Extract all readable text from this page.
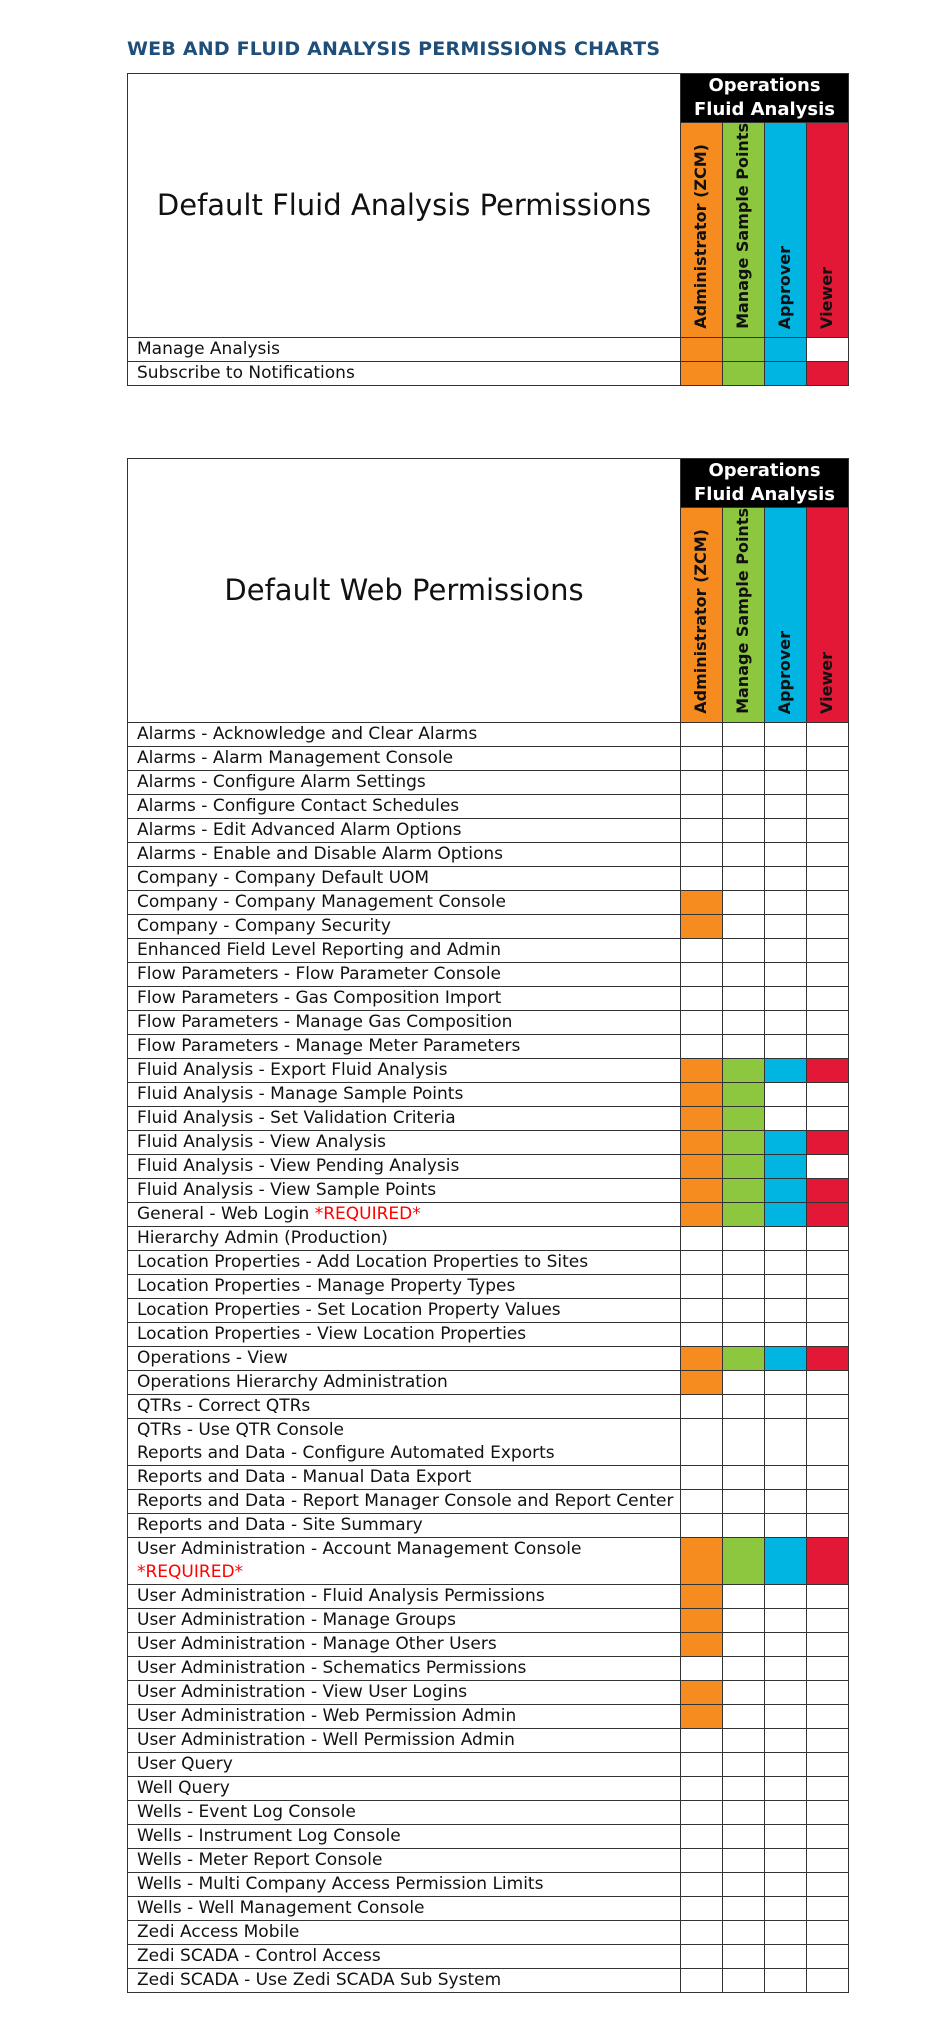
WEB AND FLUID ANALYSIS PERMISSIONS CHARTS
Default Fluid Analysis Permissions	Operations Fluid Analysis			
	Administrator (ZCM)	Manage Sample Points	Approver	Viewer
Manage Analysis				
Subscribe to Notifications				
Default Web Permissions	Operations Fluid Analysis			
	Administrator (ZCM)	Manage Sample Points	Approver	Viewer
Alarms - Acknowledge and Clear Alarms				
Alarms - Alarm Management Console				
Alarms - Configure Alarm Settings				
Alarms - Configure Contact Schedules				
Alarms - Edit Advanced Alarm Options				
Alarms - Enable and Disable Alarm Options				
Company - Company Default UOM				
Company - Company Management Console				
Company - Company Security				
Enhanced Field Level Reporting and Admin				
Flow Parameters - Flow Parameter Console				
Flow Parameters - Gas Composition Import				
Flow Parameters - Manage Gas Composition				
Flow Parameters - Manage Meter Parameters				
Fluid Analysis - Export Fluid Analysis				
Fluid Analysis - Manage Sample Points				
Fluid Analysis - Set Validation Criteria				
Fluid Analysis - View Analysis				
Fluid Analysis - View Pending Analysis				
Fluid Analysis - View Sample Points				
General - Web Login *REQUIRED*				
Hierarchy Admin (Production)				
Location Properties - Add Location Properties to Sites				
Location Properties - Manage Property Types				
Location Properties - Set Location Property Values				
Location Properties - View Location Properties				
Operations - View				
Operations Hierarchy Administration				
QTRs - Correct QTRs				
QTRs - Use QTR Console
Reports and Data - Configure Automated Exports				
Reports and Data - Manual Data Export				
Reports and Data - Report Manager Console and Report Center				
Reports and Data - Site Summary				
User Administration - Account Management Console
*REQUIRED*				
User Administration - Fluid Analysis Permissions				
User Administration - Manage Groups				
User Administration - Manage Other Users				
User Administration - Schematics Permissions				
User Administration - View User Logins				
User Administration - Web Permission Admin				
User Administration - Well Permission Admin				
User Query				
Well Query				
Wells - Event Log Console				
Wells - Instrument Log Console				
Wells - Meter Report Console				
Wells - Multi Company Access Permission Limits				
Wells - Well Management Console				
Zedi Access Mobile				
Zedi SCADA - Control Access				
Zedi SCADA - Use Zedi SCADA Sub System				
